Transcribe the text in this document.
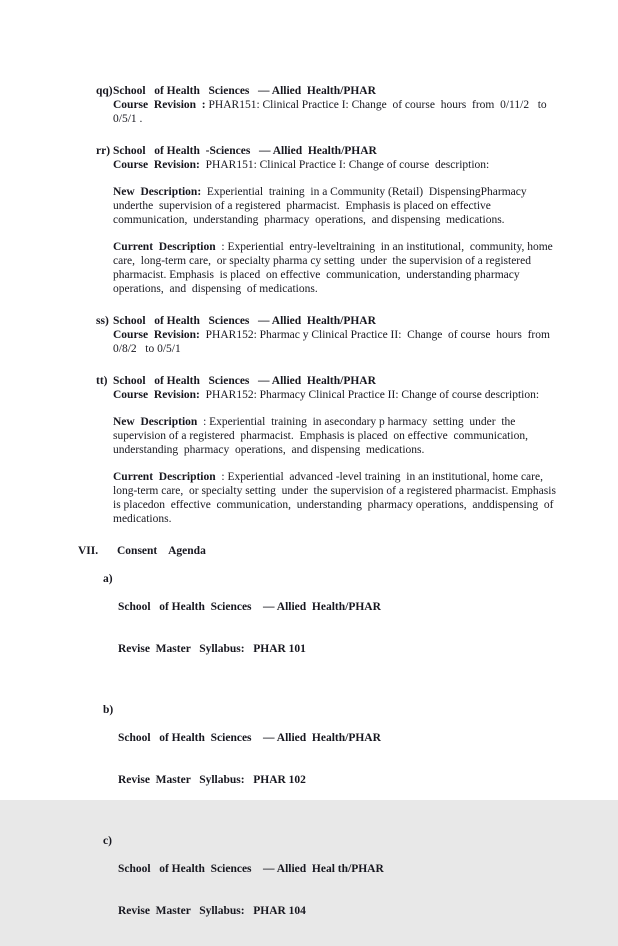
qq) School   of Health   Sciences   — Allied  Health/PHAR
Course  Revision  : PHAR151: Clinical Practice I: Change  of course  hours  from  0/11/2   to 0/5/1 .
rr) School   of Health  -Sciences   — Allied  Health/PHAR
Course  Revision:  PHAR151: Clinical Practice I: Change of course  description:
New  Description:  Experiential  training  in a Community (Retail)  DispensingPharmacy underthe  supervision of a registered  pharmacist.  Emphasis is placed on effective communication,  understanding  pharmacy  operations,  and dispensing  medications.
Current  Description  : Experiential  entry-leveltraining  in an institutional,  community, home care,  long-term care,  or specialty pharma cy setting  under  the supervision of a registered  pharmacist. Emphasis  is placed  on effective  communication,  understanding pharmacy  operations,  and  dispensing  of medications.
ss) School   of Health   Sciences   — Allied  Health/PHAR
Course  Revision:  PHAR152: Pharmac y Clinical Practice II:  Change  of course  hours  from 0/8/2   to 0/5/1
tt) School   of Health   Sciences   — Allied  Health/PHAR
Course  Revision:  PHAR152: Pharmacy Clinical Practice II: Change of course description:
New  Description  : Experiential  training  in asecondary p harmacy  setting  under  the supervision of a registered  pharmacist.  Emphasis is placed  on effective  communication, understanding  pharmacy  operations,  and dispensing  medications.
Current  Description  : Experiential  advanced -level training  in an institutional, home care, long-term care,  or specialty setting  under  the supervision of a registered pharmacist. Emphasis  is placedon  effective  communication,  understanding  pharmacy operations,  anddispensing  of medications.
VII. Consent    Agenda
a)

School   of Health  Sciences    — Allied  Health/PHAR

Revise  Master   Syllabus:   PHAR 101

b)

School   of Health  Sciences    — Allied  Health/PHAR

Revise  Master   Syllabus:   PHAR 102

c)

School   of Health  Sciences    — Allied  Heal th/PHAR

Revise  Master   Syllabus:   PHAR 104
